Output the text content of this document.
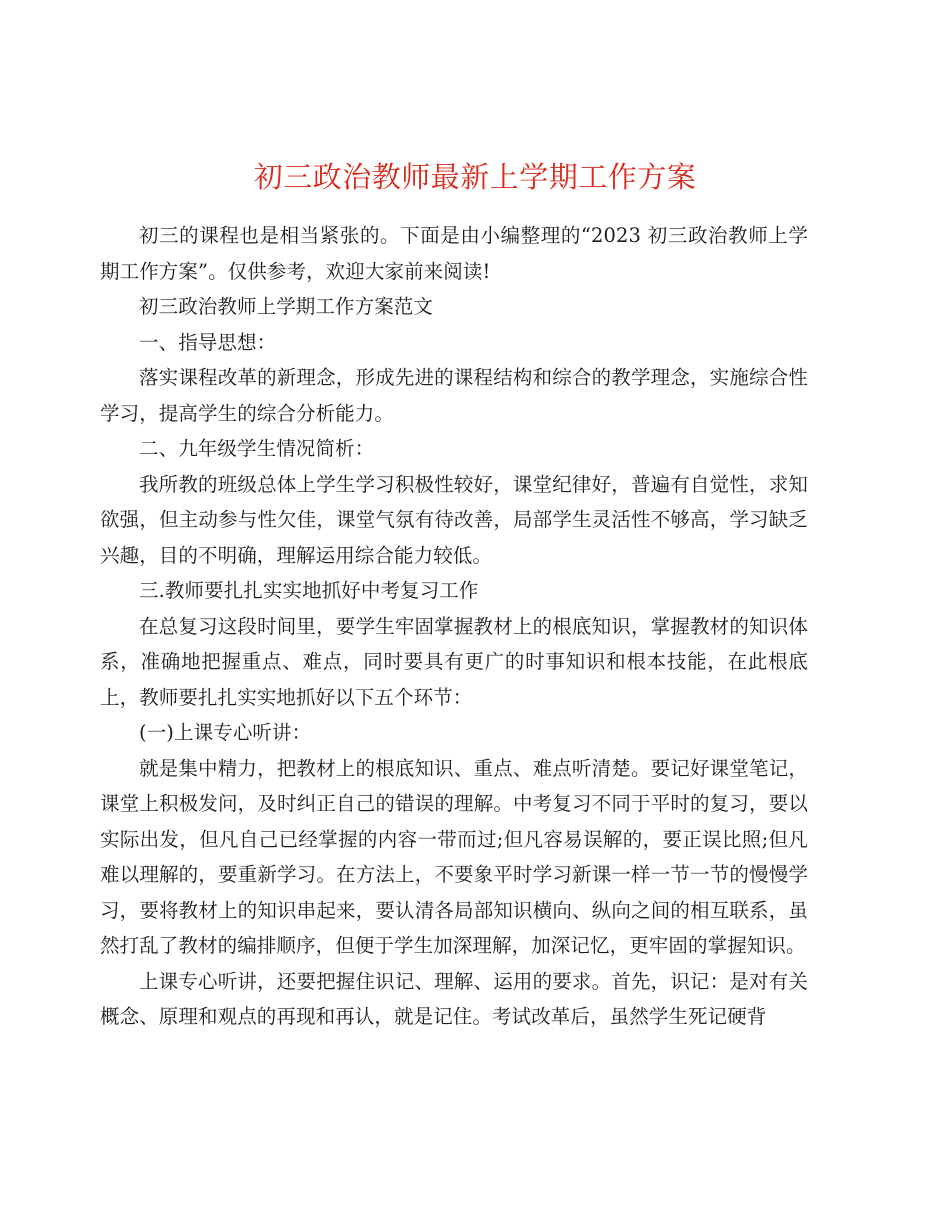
初三政治教师最新上学期工作方案

初三的课程也是相当紧张的。下面是由小编整理的“2023 初三政治教师上学期工作方案”。仅供参考，欢迎大家前来阅读!

初三政治教师上学期工作方案范文

一、指导思想：

落实课程改革的新理念，形成先进的课程结构和综合的教学理念，实施综合性学习，提高学生的综合分析能力。

二、九年级学生情况简析：

我所教的班级总体上学生学习积极性较好，课堂纪律好，普遍有自觉性，求知欲强，但主动参与性欠佳，课堂气氛有待改善，局部学生灵活性不够高，学习缺乏兴趣，目的不明确，理解运用综合能力较低。

三.教师要扎扎实实地抓好中考复习工作

在总复习这段时间里，要学生牢固掌握教材上的根底知识，掌握教材的知识体系，准确地把握重点、难点，同时要具有更广的时事知识和根本技能，在此根底上，教师要扎扎实实地抓好以下五个环节：

(一)上课专心听讲：

就是集中精力，把教材上的根底知识、重点、难点听清楚。要记好课堂笔记，课堂上积极发问，及时纠正自己的错误的理解。中考复习不同于平时的复习，要以实际出发，但凡自己已经掌握的内容一带而过;但凡容易误解的，要正误比照;但凡难以理解的，要重新学习。在方法上，不要象平时学习新课一样一节一节的慢慢学习，要将教材上的知识串起来，要认清各局部知识横向、纵向之间的相互联系，虽然打乱了教材的编排顺序，但便于学生加深理解，加深记忆，更牢固的掌握知识。

上课专心听讲，还要把握住识记、理解、运用的要求。首先，识记：是对有关概念、原理和观点的再现和再认，就是记住。考试改革后，虽然学生死记硬背
